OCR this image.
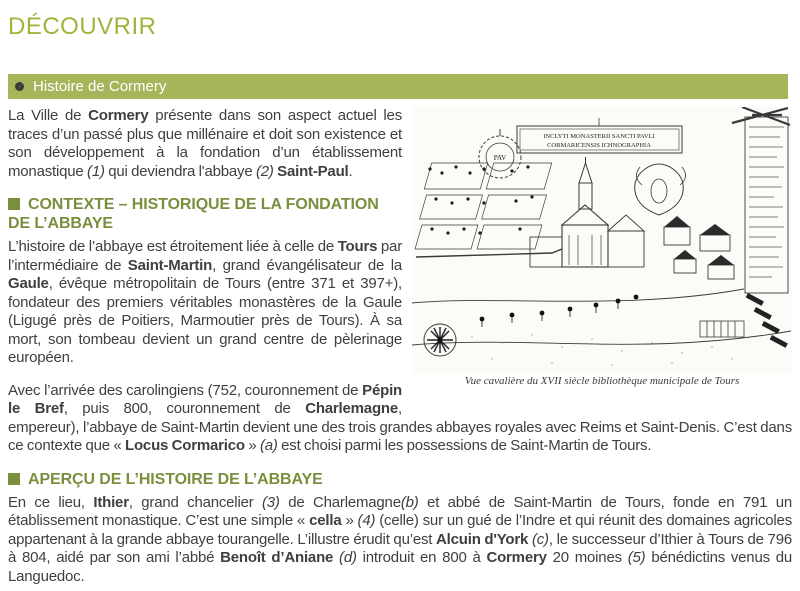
DÉCOUVRIR
Histoire de Cormery
INCLYTI MONASTERII SANCTI PAVLI
CORMARICENSIS ICHNOGRAPHIA
PAV
Vue cavalière du XVII siècle bibliothèque municipale de Tours

La Ville de Cormery présente dans son aspect actuel les traces d’un passé plus que millénaire et doit son existence et son développement à la fondation d’un établissement monastique (1) qui deviendra l'abbaye (2) Saint-Paul.

CONTEXTE – HISTORIQUE DE LA FONDATION DE L’ABBAYE

L’histoire de l’abbaye est étroitement liée à celle de Tours par l’intermédiaire de Saint-Martin, grand évangélisateur de la Gaule, évêque métropolitain de Tours (entre 371 et 397+), fondateur des premiers véritables monastères de la Gaule (Ligugé près de Poitiers, Marmoutier près de Tours). À sa mort, son tombeau devient un grand centre de pèlerinage européen.

Avec l’arrivée des carolingiens (752, couronnement de Pépin le Bref, puis 800, couronnement de Charlemagne, empereur), l’abbaye de Saint-Martin devient une des trois grandes abbayes royales avec Reims et Saint-Denis. C’est dans ce contexte que « Locus Cormarico » (a) est choisi parmi les possessions de Saint-Martin de Tours.

APERÇU DE L’HISTOIRE DE L’ABBAYE

En ce lieu, Ithier, grand chancelier (3) de Charlemagne(b) et abbé de Saint-Martin de Tours, fonde en 791 un établissement monastique. C’est une simple « cella » (4) (celle) sur un gué de l’Indre et qui réunit des domaines agricoles appartenant à la grande abbaye tourangelle. L’illustre érudit qu’est Alcuin d'York (c), le successeur d’Ithier à Tours de 796 à 804, aidé par son ami l’abbé Benoît d’Aniane (d) introduit en 800 à Cormery 20 moines (5) bénédictins venus du Languedoc.
